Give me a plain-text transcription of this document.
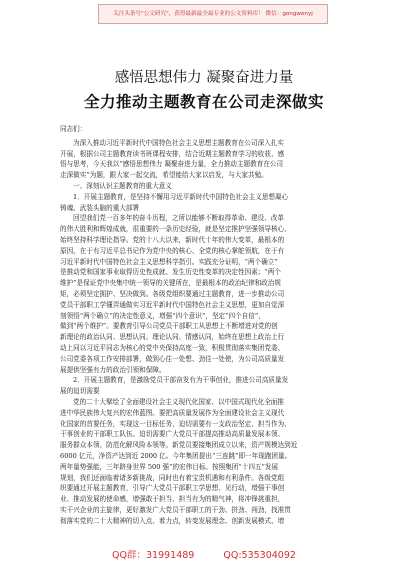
关注头条号"公文研究"，获得最新最全最专业的公文资料库！ 微信：gongwenyj
感悟思想伟力 凝聚奋进力量
全力推动主题教育在公司走深做实

同志们：

为深入推动习近平新时代中国特色社会主义思想主题教育在公司深入扎实

开展，根据公司主题教育读书班课程安排，结合近期主题教育学习的收获、感

悟与思考，今天我以“感悟思想伟力 凝聚奋进力量，全力推动主题教育在公司

走深做实”为题，跟大家一起交流，希望能给大家以启发，与大家共勉。

一、深刻认识主题教育的重大意义

1．开展主题教育，是坚持不懈用习近平新时代中国特色社会主义思想凝心

铸魂、武装头脑的重大部署

回望我们党一百多年的奋斗历程，之所以能够不断取得革命、建设、改革

的伟大胜利和辉煌成就，很重要的一条历史经验，就是坚定推护坚强领导核心、

始终坚持科学理论指导。党的十八大以来，新时代十年的伟大变革，最根本的

原因，在于有习近平总书记作为党中央的核心、全党的核心掌舵领航，在于有

习近平新时代中国特色社会主义思想科学指引。实践充分证明，“两个确立”

是推动党和国家事业取得历史性成就、发生历史性变革的决定性因素；“两个

维护”是保证党中央集中统一领导的关键所在，是最根本的政治纪律和政治规

矩，必须坚定拥护、坚决做到。各级党组织要通过主题教育，进一步推动公司

党员干部职工学懂弄通做实习近平新时代中国特色社会主义思想，更加自觉深

刻领悟“两个确立”的决定性意义，增强“四个意识”，坚定“四个自信”，

做到“两个维护”。要教育引导公司党员干部职工从思想上不断增进对党的创

新理论的政治认同、思想认同、理论认同、情感认同，始终在思想上政治上行

动上同以习近平同志为核心的党中央保持高度一致，积极贯彻落实集团党委、

公司党委各项工作安排部署，做到心往一处想、劲往一处使，为公司高质量发

展提供坚强有力的政治引领和保障。

2．开展主题教育，是激励党员干部奋发有为干事创业，推进公司高质量发

展的迫切需要

党的二十大擘绘了全面建设社会主义现代化国家、以中国式现代化全面推

进中华民族伟大复兴的宏伟蓝图。要把高质量发展作为全面建设社会主义现代

化国家的首要任务，实现这一目标任务，迫切需要有一支政治坚定、担当作为、

干事创业的干部职工队伍。迫切需要广大党员干部提高推动高质量发展本领、

服务群众本领、防范化解风险本领等。新党员要接集团成立以来，资产规模达到近

6000 亿元，净资产达到近 2000 亿。今年集团提出“三连跳”即一年现跑团量。

两年量势强能，三年跻身世界 500 强”的宏伟目标。按照集团“十四五”发展

规划，我们还面临着诸多新挑战，同时也有着宝贵机遇和有利条件。各级党组

织要通过开展主题教育，引导广大党员干部职工学思想、见行动，增强干事创

业、推动发展的使命感，增强敢于担当、担当有为的精气神，将冲锋挑重担，

实干兴企业的主旋律，更好激发广大党员干部职工的干劲、拼劲、闯劲，找准贯

彻落实党的二十大精神的切入点、着力点，转变发展理念、创新发展模式、增

QQ群：31991489	QQ:535304092
